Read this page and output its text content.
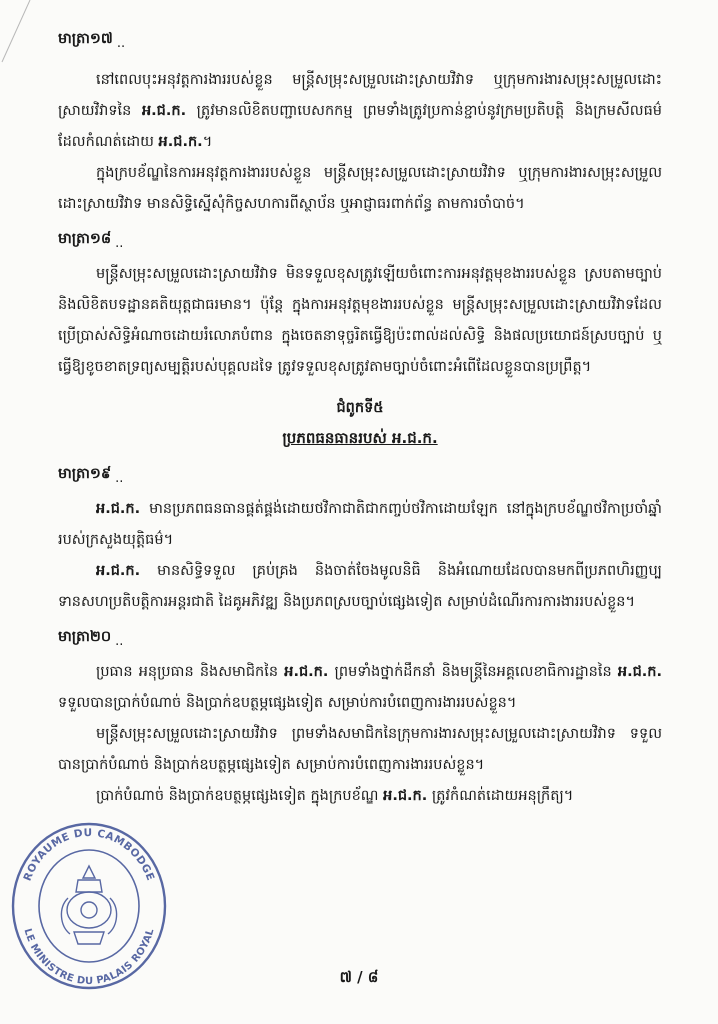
មាត្រា១៧ ..

នៅពេលបុះអនុវត្តការងាររបស់ខ្លួន មន្ត្រីសម្រុះសម្រួលដោះស្រាយវិវាទ ឬក្រុមការងារសម្រុះសម្រួលដោះស្រាយវិវាទនៃ អ.ជ.ក. ត្រូវមានលិខិតបញ្ជាបេសកកម្ម ព្រមទាំងត្រូវប្រកាន់ខ្ជាប់នូវក្រមប្រតិបត្តិ និងក្រមសីលធម៌ ដែលកំណត់ដោយ អ.ជ.ក.។

ក្នុងក្របខ័ណ្ឌនៃការអនុវត្តការងាររបស់ខ្លួន មន្ត្រីសម្រុះសម្រួលដោះស្រាយវិវាទ ឬក្រុមការងារសម្រុះសម្រួលដោះស្រាយវិវាទ មានសិទ្ធិស្នើសុំកិច្ចសហការពីស្ថាប័ន ឬអាជ្ញាធរពាក់ព័ន្ធ តាមការចាំបាច់។

មាត្រា១៨ ..

មន្ត្រីសម្រុះសម្រួលដោះស្រាយវិវាទ មិនទទួលខុសត្រូវឡើយចំពោះការអនុវត្តមុខងាររបស់ខ្លួន ស្របតាមច្បាប់ និងលិខិតបទដ្ឋានគតិយុត្តជាធរមាន។ ប៉ុន្តែ ក្នុងការអនុវត្តមុខងាររបស់ខ្លួន មន្ត្រីសម្រុះសម្រួលដោះស្រាយវិវាទដែលប្រើប្រាស់សិទ្ធិអំណាចដោយរំលោភបំពាន ក្នុងចេតនាទុច្ចរិតធ្វើឱ្យប៉ះពាល់ដល់សិទ្ធិ និងផលប្រយោជន៍ស្របច្បាប់ ឬធ្វើឱ្យខូចខាតទ្រព្យសម្បត្តិរបស់បុគ្គលដទៃ ត្រូវទទួលខុសត្រូវតាមច្បាប់ចំពោះអំពើដែលខ្លួនបានប្រព្រឹត្ត។

ជំពូកទី៥

ប្រភពធនធានរបស់ អ.ជ.ក.

មាត្រា១៩ ..

អ.ជ.ក. មានប្រភពធនធានផ្គត់ផ្គង់ដោយថវិកាជាតិជាកញ្ចប់ថវិកាដោយឡែក នៅក្នុងក្របខ័ណ្ឌថវិកាប្រចាំឆ្នាំរបស់ក្រសួងយុត្តិធម៌។

អ.ជ.ក. មានសិទ្ធិទទួល គ្រប់គ្រង និងចាត់ចែងមូលនិធិ និងអំណោយដែលបានមកពីប្រភពហិរញ្ញប្បទានសហប្រតិបត្តិការអន្តរជាតិ ដៃគូអភិវឌ្ឍ និងប្រភពស្របច្បាប់ផ្សេងទៀត សម្រាប់ដំណើរការការងាររបស់ខ្លួន។

មាត្រា២០ ..

ប្រធាន អនុប្រធាន និងសមាជិកនៃ អ.ជ.ក. ព្រមទាំងថ្នាក់ដឹកនាំ និងមន្ត្រីនៃអគ្គលេខាធិការដ្ឋាននៃ អ.ជ.ក. ទទួលបានប្រាក់បំណាច់ និងប្រាក់ឧបត្ថម្ភផ្សេងទៀត សម្រាប់ការបំពេញការងាររបស់ខ្លួន។

មន្ត្រីសម្រុះសម្រួលដោះស្រាយវិវាទ ព្រមទាំងសមាជិកនៃក្រុមការងារសម្រុះសម្រួលដោះស្រាយវិវាទ ទទួលបានប្រាក់បំណាច់ និងប្រាក់ឧបត្ថម្ភផ្សេងទៀត សម្រាប់ការបំពេញការងាររបស់ខ្លួន។

ប្រាក់បំណាច់ និងប្រាក់ឧបត្ថម្ភផ្សេងទៀត ក្នុងក្របខ័ណ្ឌ អ.ជ.ក. ត្រូវកំណត់ដោយអនុក្រឹត្យ។

ROYAUME DU CAMBODGE
LE MINISTRE DU PALAIS ROYAL
៧ / ៨
